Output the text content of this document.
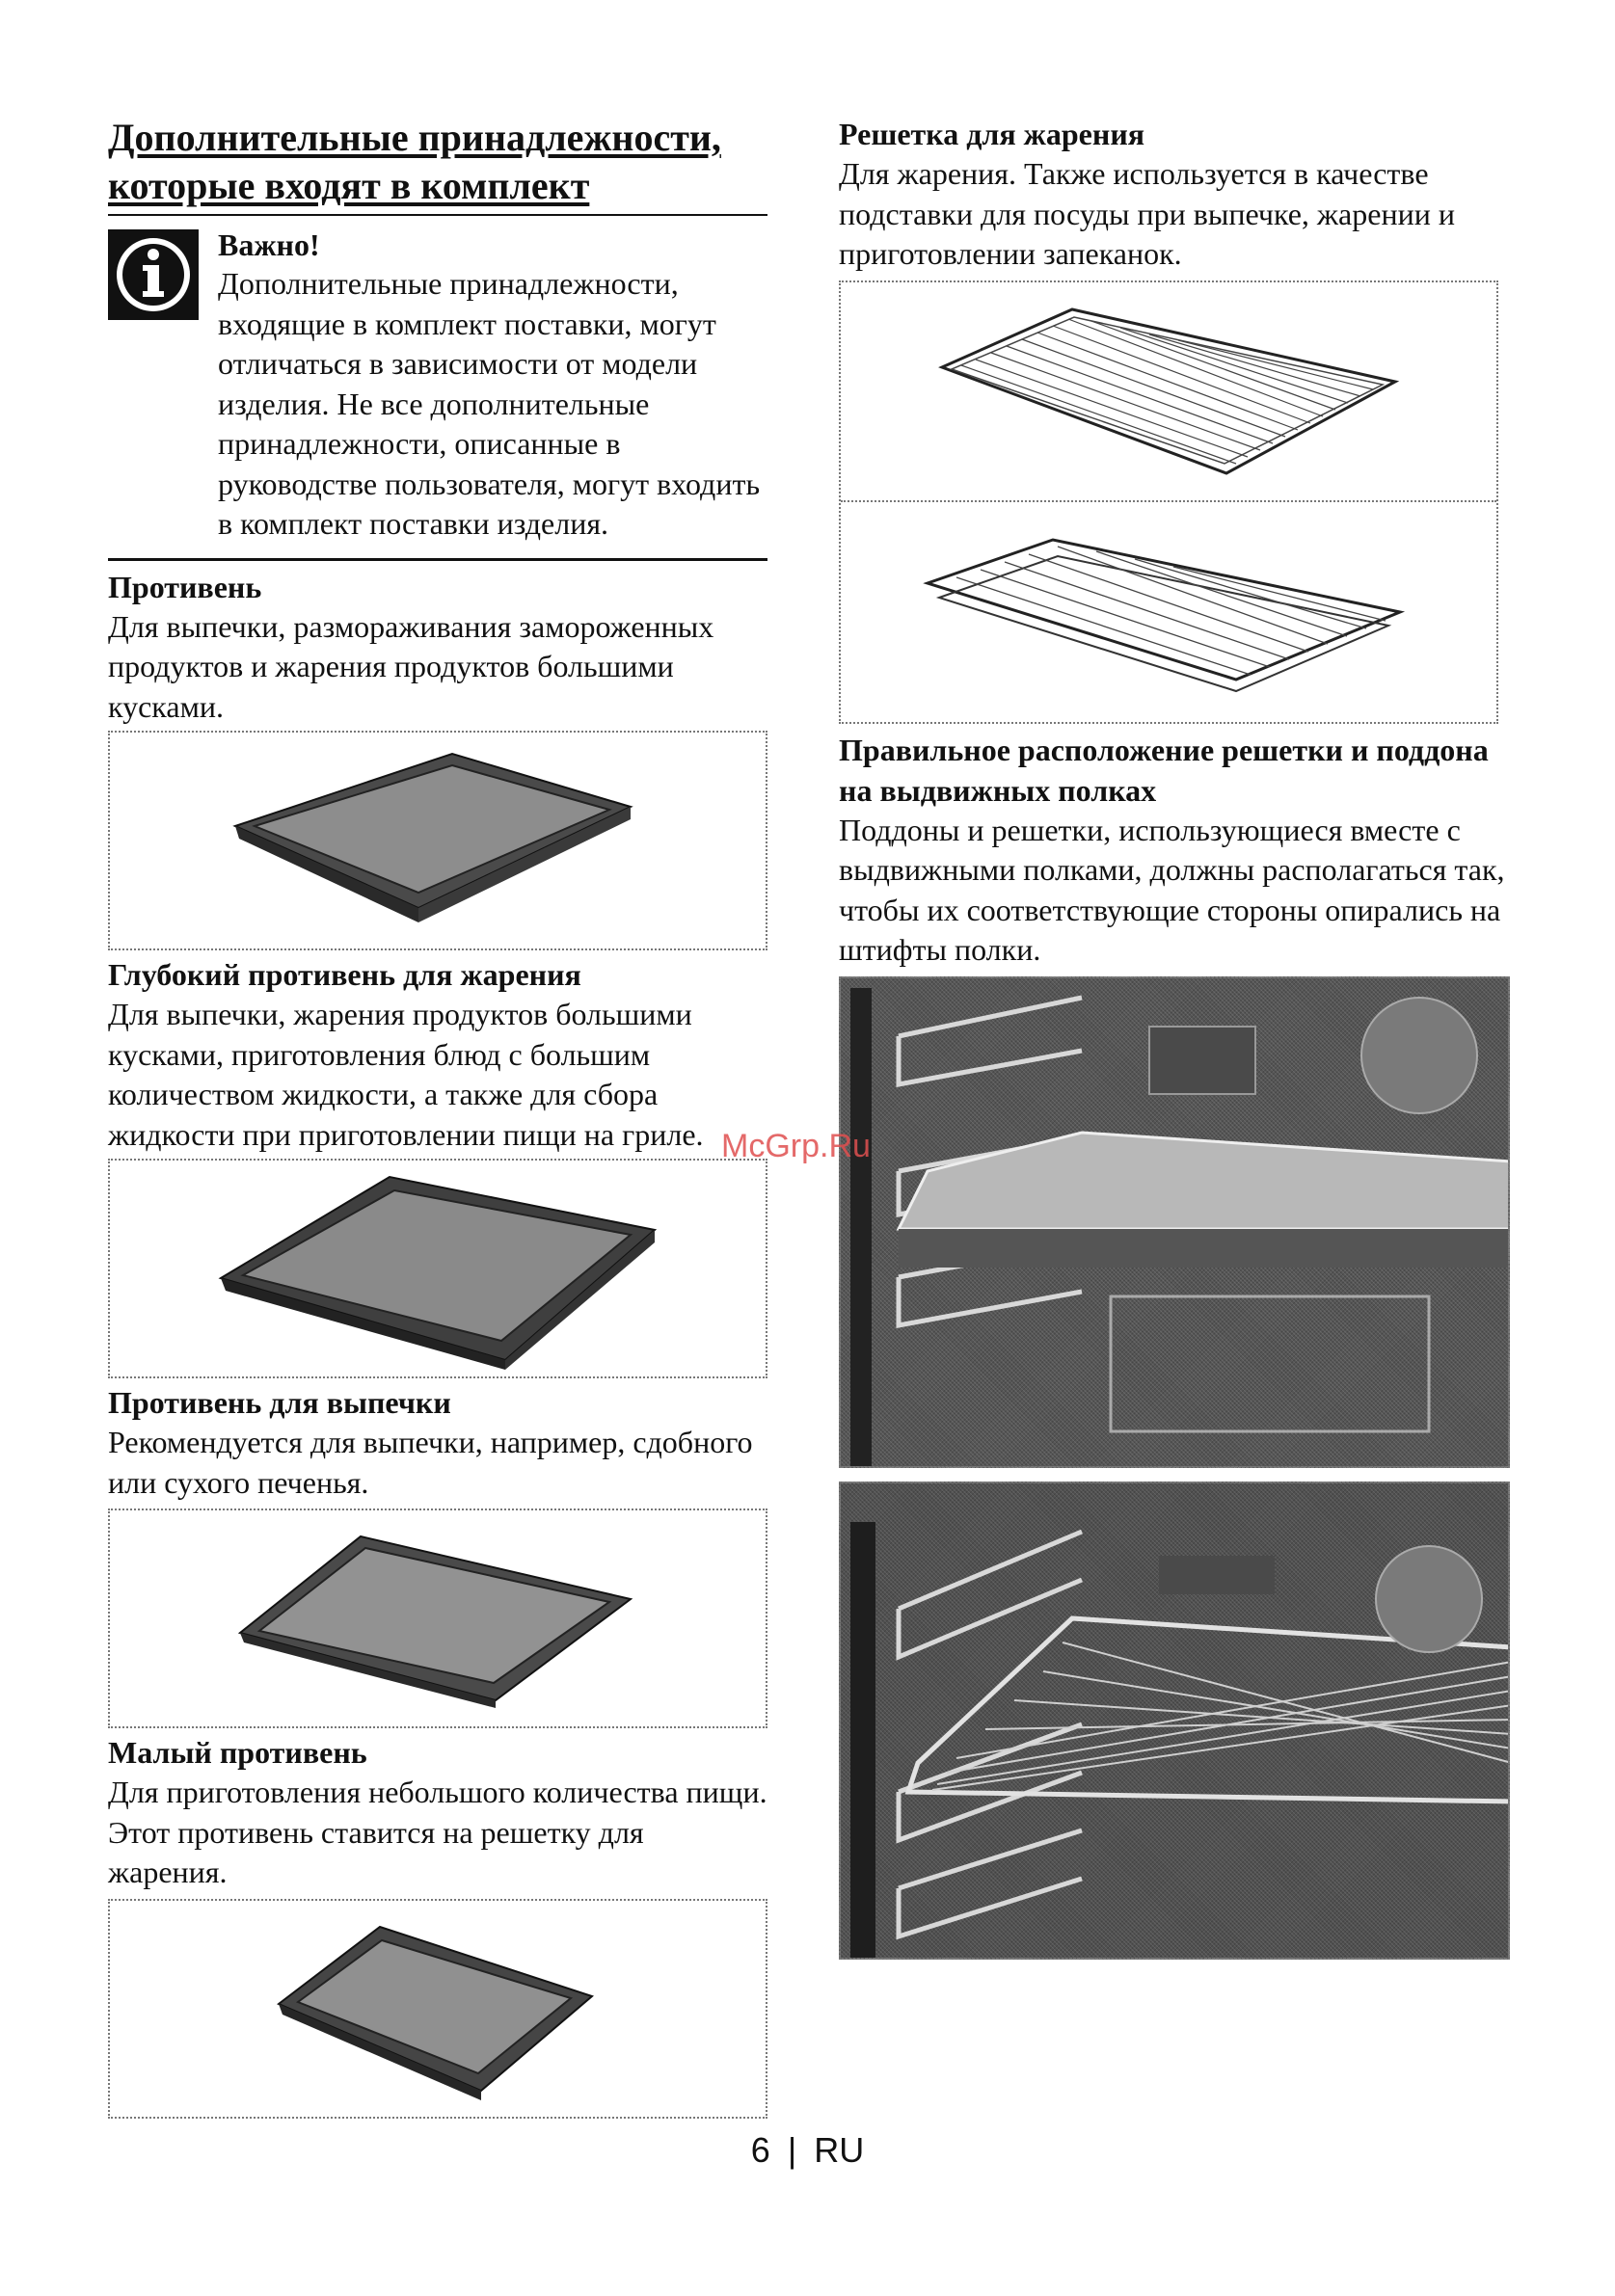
Дополнительные принадлежности, которые входят в комплект
Важно!
Дополнительные принадлежности, входящие в комплект поставки, могут отличаться в зависимости от модели изделия. Не все дополнительные принадлежности, описанные в руководстве пользователя, могут входить в комплект поставки изделия.
Противень
Для выпечки, размораживания замороженных продуктов и жарения продуктов большими кусками.
Глубокий противень для жарения
Для выпечки, жарения продуктов большими кусками, приготовления блюд с большим количеством жидкости, а также для сбора жидкости при приготовлении пищи на гриле.
Противень для выпечки
Рекомендуется для выпечки, например, сдобного или сухого печенья.
Малый противень
Для приготовления небольшого количества пищи. Этот противень ставится на решетку для жарения.
Решетка для жарения
Для жарения. Также используется в качестве подставки для посуды при выпечке, жарении и приготовлении запеканок.
Правильное расположение решетки и поддона на выдвижных полках
Поддоны и решетки, использующиеся вместе с выдвижными полками, должны располагаться так, чтобы их соответствующие стороны опирались на штифты полки.
McGrp.Ru
6 | RU
